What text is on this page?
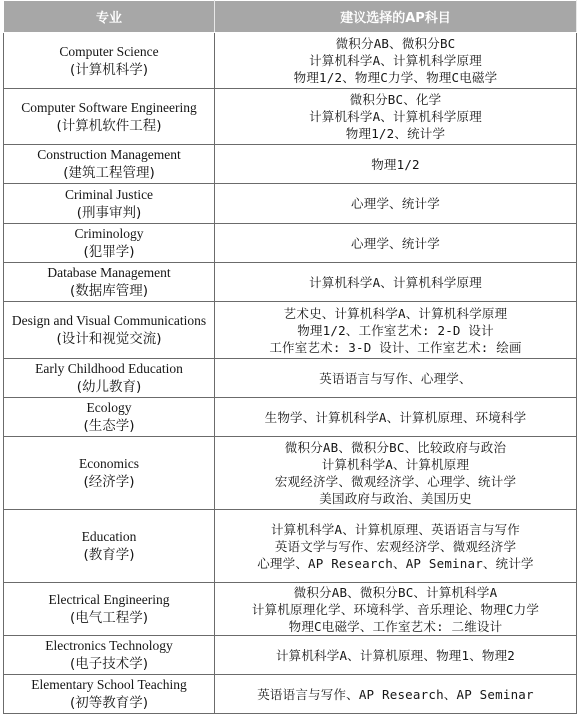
专业	建议选择的AP科目

Computer Science
(计算机科学)	微积分AB、微积分BC
计算机科学A、计算机科学原理
物理1/2、物理C力学、物理C电磁学

Computer Software Engineering
(计算机软件工程)	微积分BC、化学
计算机科学A、计算机科学原理
物理1/2、统计学

Construction Management
(建筑工程管理)	物理1/2

Criminal Justice
(刑事审判)	心理学、统计学

Criminology
(犯罪学)	心理学、统计学

Database Management
(数据库管理)	计算机科学A、计算机科学原理

Design and Visual Communications
(设计和视觉交流)	艺术史、计算机科学A、计算机科学原理
物理1/2、工作室艺术: 2-D 设计
工作室艺术: 3-D 设计、工作室艺术: 绘画

Early Childhood Education
(幼儿教育)	英语语言与写作、心理学、

Ecology
(生态学)	生物学、计算机科学A、计算机原理、环境科学

Economics
(经济学)	微积分AB、微积分BC、比较政府与政治
计算机科学A、计算机原理
宏观经济学、微观经济学、心理学、统计学
美国政府与政治、美国历史

Education
(教育学)	计算机科学A、计算机原理、英语语言与写作
英语文学与写作、宏观经济学、微观经济学
心理学、AP Research、AP Seminar、统计学

Electrical Engineering
(电气工程学)	微积分AB、微积分BC、计算机科学A
计算机原理化学、环境科学、音乐理论、物理C力学
物理C电磁学、工作室艺术: 二维设计

Electronics Technology
(电子技术学)	计算机科学A、计算机原理、物理1、物理2

Elementary School Teaching
(初等教育学)	英语语言与写作、AP Research、AP Seminar
